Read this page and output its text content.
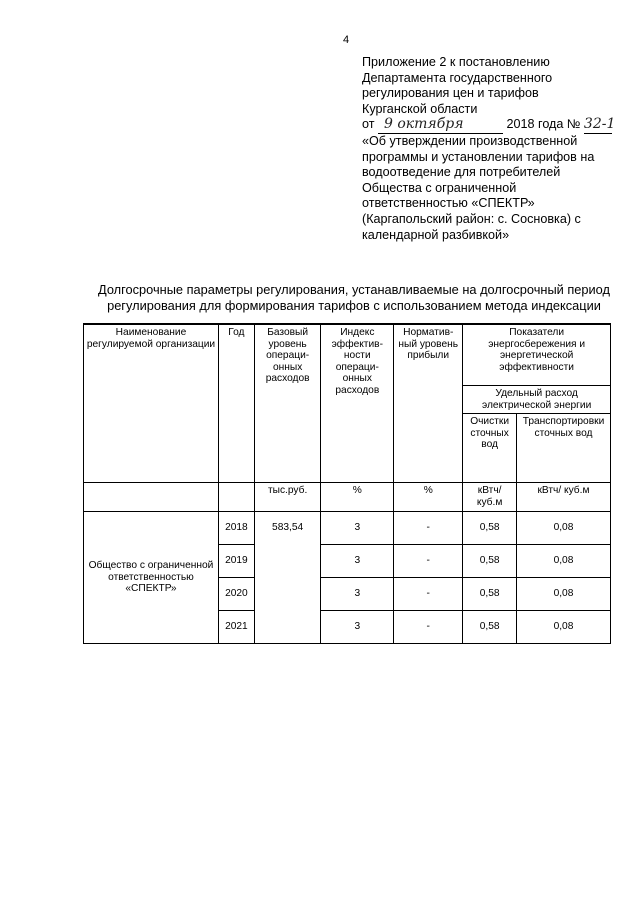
4
Приложение 2 к постановлению
Департамента государственного
регулирования цен и тарифов
Курганской области
от 9 октября	2018 года № 32-1
«Об утверждении производственной
программы и установлении тарифов на
водоотведение для потребителей
Общества с ограниченной
ответственностью «СПЕКТР»
(Каргапольский район: с. Сосновка) с
календарной разбивкой»
Долгосрочные параметры регулирования, устанавливаемые на долгосрочный период
регулирования для формирования тарифов с использованием метода индексации
Наименование регулируемой организации	Год	Базовый уровень операци-онных расходов	Индекс эффектив-ности операци-онных расходов	Норматив-ный уровень прибыли	Показатели энергосбережения и энергетической эффективности	
					Удельный расход электрической энергии	
					Очистки сточных вод	Транспортировки сточных вод
		тыс.руб.	%	%	кВтч/ куб.м	кВтч/ куб.м
Общество с ограниченной ответственностью «СПЕКТР»	2018	583,54	3	-	0,58	0,08
	2019		3	-	0,58	0,08
	2020		3	-	0,58	0,08
	2021		3	-	0,58	0,08
